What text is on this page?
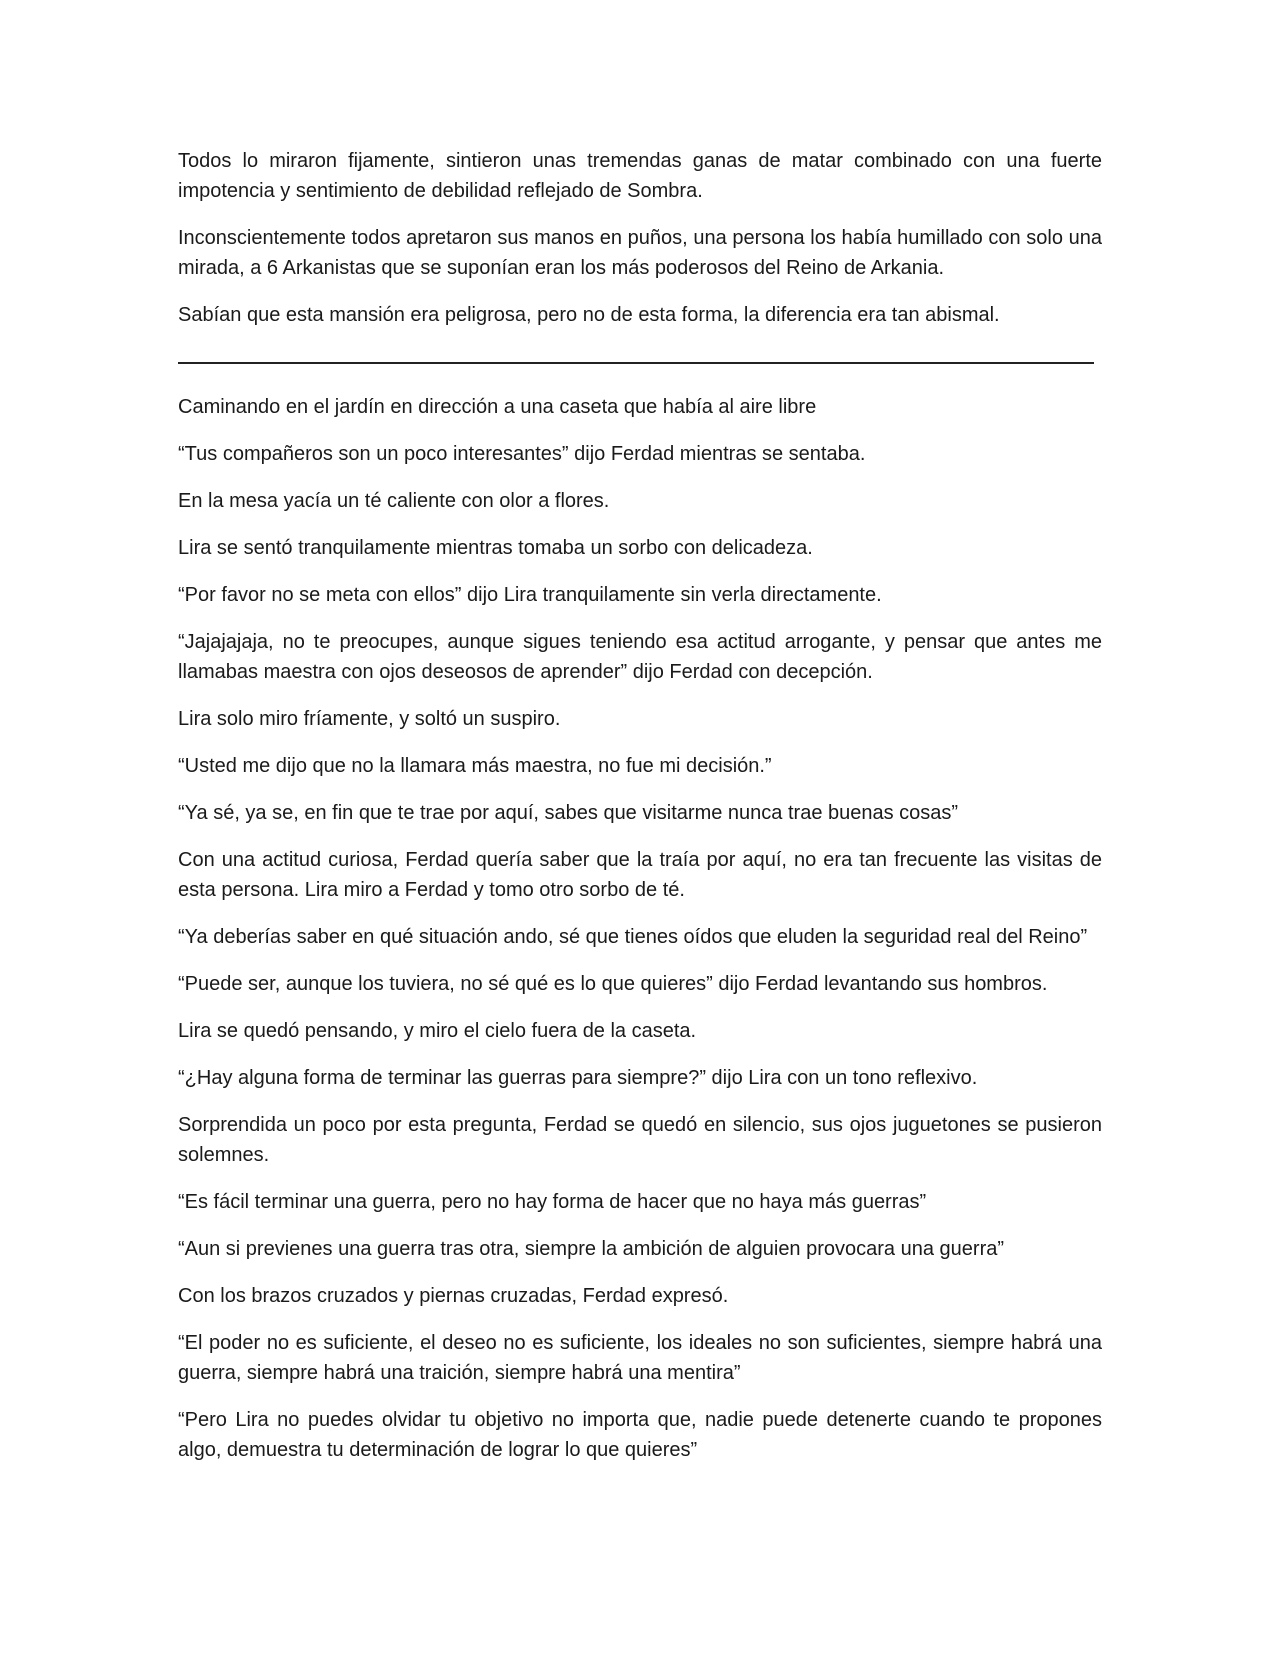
Todos lo miraron fijamente, sintieron unas tremendas ganas de matar combinado con una fuerte impotencia y sentimiento de debilidad reflejado de Sombra.

Inconscientemente todos apretaron sus manos en puños, una persona los había humillado con solo una mirada, a 6 Arkanistas que se suponían eran los más poderosos del Reino de Arkania.

Sabían que esta mansión era peligrosa, pero no de esta forma, la diferencia era tan abismal.

Caminando en el jardín en dirección a una caseta que había al aire libre

“Tus compañeros son un poco interesantes” dijo Ferdad mientras se sentaba.

En la mesa yacía un té caliente con olor a flores.

Lira se sentó tranquilamente mientras tomaba un sorbo con delicadeza.

“Por favor no se meta con ellos” dijo Lira tranquilamente sin verla directamente.

“Jajajajaja, no te preocupes, aunque sigues teniendo esa actitud arrogante, y pensar que antes me llamabas maestra con ojos deseosos de aprender” dijo Ferdad con decepción.

Lira solo miro fríamente, y soltó un suspiro.

“Usted me dijo que no la llamara más maestra, no fue mi decisión.”

“Ya sé, ya se, en fin que te trae por aquí, sabes que visitarme nunca trae buenas cosas”

Con una actitud curiosa, Ferdad quería saber que la traía por aquí, no era tan frecuente las visitas de esta persona. Lira miro a Ferdad y tomo otro sorbo de té.

“Ya deberías saber en qué situación ando, sé que tienes oídos que eluden la seguridad real del Reino”

“Puede ser, aunque los tuviera, no sé qué es lo que quieres” dijo Ferdad levantando sus hombros.

Lira se quedó pensando, y miro el cielo fuera de la caseta.

“¿Hay alguna forma de terminar las guerras para siempre?” dijo Lira con un tono reflexivo.

Sorprendida un poco por esta pregunta, Ferdad se quedó en silencio, sus ojos juguetones se pusieron solemnes.

“Es fácil terminar una guerra, pero no hay forma de hacer que no haya más guerras”

“Aun si previenes una guerra tras otra, siempre la ambición de alguien provocara una guerra”

Con los brazos cruzados y piernas cruzadas, Ferdad expresó.

“El poder no es suficiente, el deseo no es suficiente, los ideales no son suficientes, siempre habrá una guerra, siempre habrá una traición, siempre habrá una mentira”

“Pero Lira no puedes olvidar tu objetivo no importa que, nadie puede detenerte cuando te propones algo, demuestra tu determinación de lograr lo que quieres”
